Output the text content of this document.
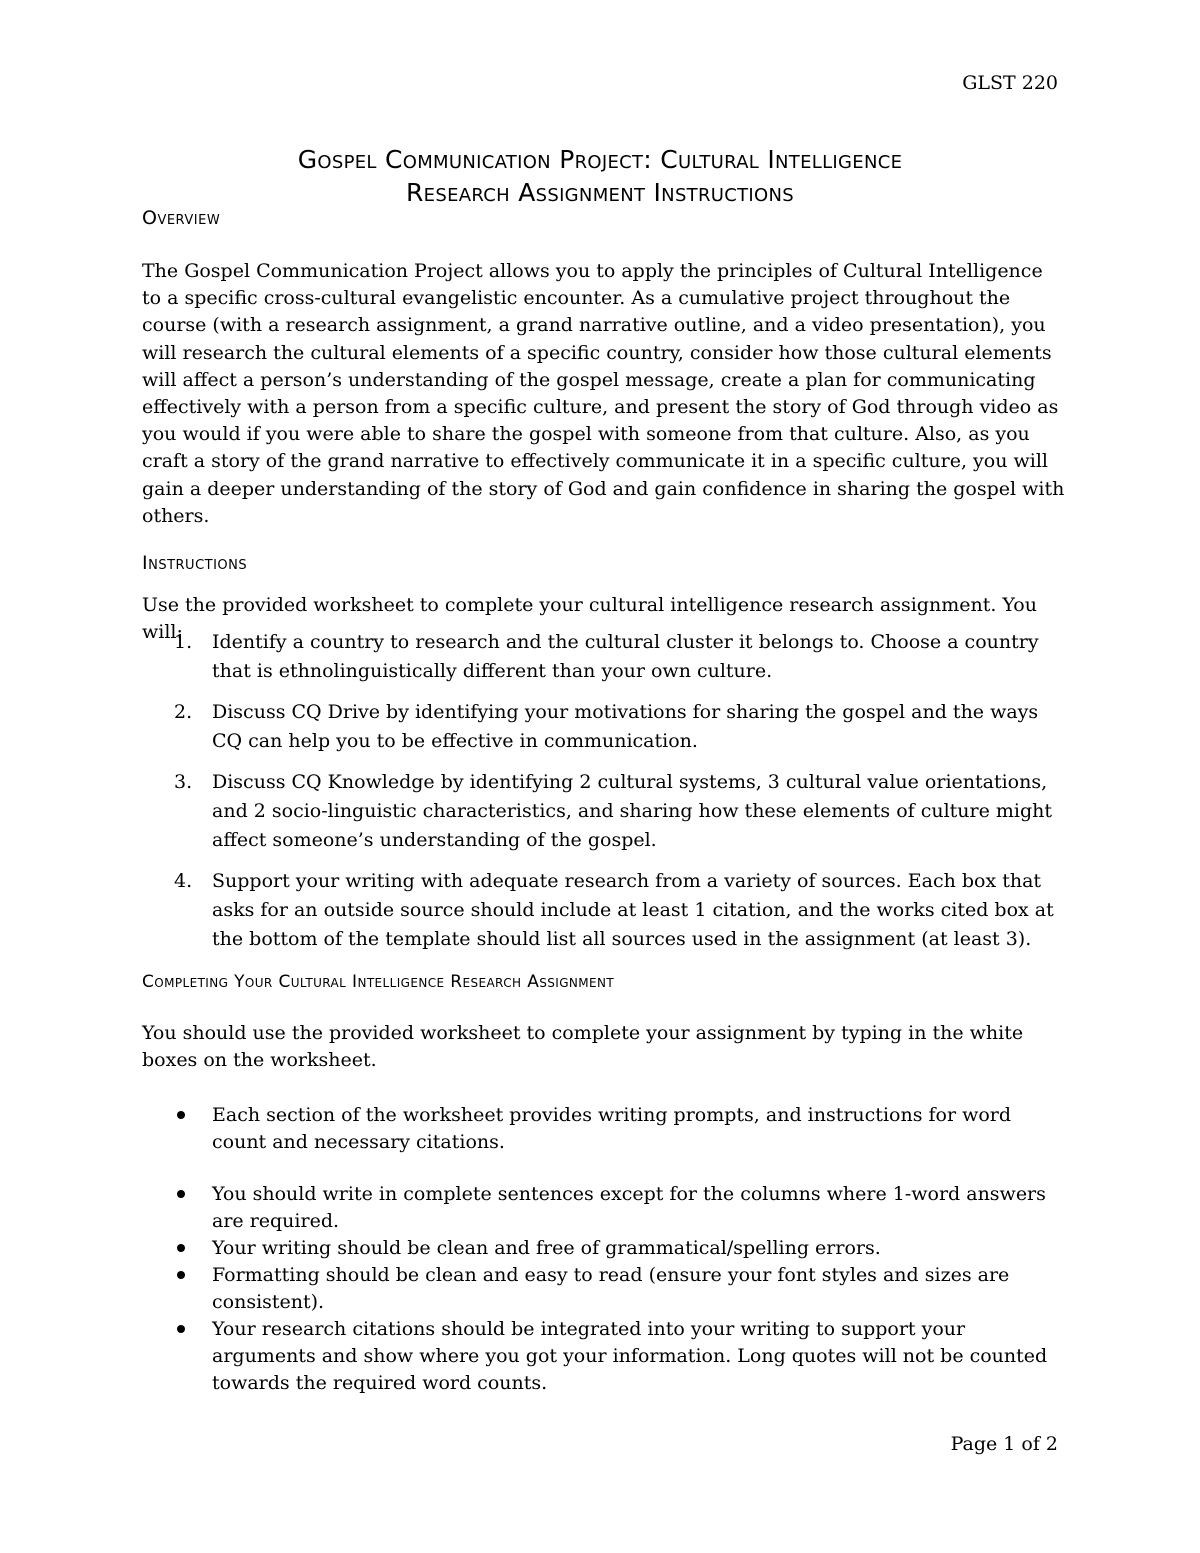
GLST 220
Gospel Communication Project: Cultural Intelligence
Research Assignment Instructions
Overview

The Gospel Communication Project allows you to apply the principles of Cultural Intelligence to a specific cross-cultural evangelistic encounter. As a cumulative project throughout the course (with a research assignment, a grand narrative outline, and a video presentation), you will research the cultural elements of a specific country, consider how those cultural elements will affect a person’s understanding of the gospel message, create a plan for communicating effectively with a person from a specific culture, and present the story of God through video as you would if you were able to share the gospel with someone from that culture. Also, as you craft a story of the grand narrative to effectively communicate it in a specific culture, you will gain a deeper understanding of the story of God and gain confidence in sharing the gospel with others.

Instructions

Use the provided worksheet to complete your cultural intelligence research assignment. You will:

1. Identify a country to research and the cultural cluster it belongs to. Choose a country that is ethnolinguistically different than your own culture.
2. Discuss CQ Drive by identifying your motivations for sharing the gospel and the ways CQ can help you to be effective in communication.
3. Discuss CQ Knowledge by identifying 2 cultural systems, 3 cultural value orientations, and 2 socio-linguistic characteristics, and sharing how these elements of culture might affect someone’s understanding of the gospel.
4. Support your writing with adequate research from a variety of sources. Each box that asks for an outside source should include at least 1 citation, and the works cited box at the bottom of the template should list all sources used in the assignment (at least 3).
Completing Your Cultural Intelligence Research Assignment

You should use the provided worksheet to complete your assignment by typing in the white boxes on the worksheet.

Each section of the worksheet provides writing prompts, and instructions for word count and necessary citations.
You should write in complete sentences except for the columns where 1-word answers are required.
Your writing should be clean and free of grammatical/spelling errors.
Formatting should be clean and easy to read (ensure your font styles and sizes are consistent).
Your research citations should be integrated into your writing to support your arguments and show where you got your information. Long quotes will not be counted towards the required word counts.
Page 1 of 2
